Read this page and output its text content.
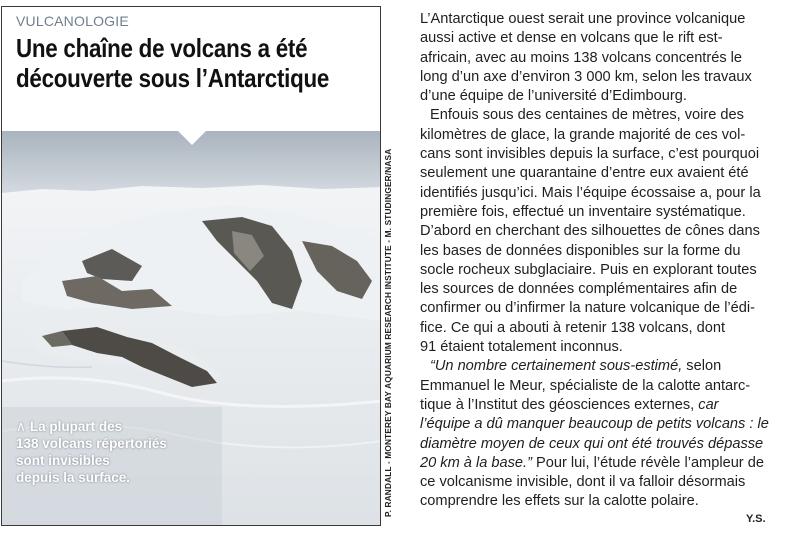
VULCANOLOGIE
Une chaîne de volcans a été
découverte sous l’Antarctique
∧ La plupart des
138 volcans répertoriés
sont invisibles
depuis la surface.	P. RANDALL - MONTEREY BAY AQUARIUM RESEARCH INSTITUTE - M. STUDINGER/NASA

L’Antarctique ouest serait une province volcanique
aussi active et dense en volcans que le rift est-
africain, avec au moins 138 volcans concentrés le
long d’un axe d’environ 3 000 km, selon les travaux
d’une équipe de l’université d’Edimbourg.

Enfouis sous des centaines de mètres, voire des
kilomètres de glace, la grande majorité de ces vol-
cans sont invisibles depuis la surface, c’est pourquoi
seulement une quarantaine d’entre eux avaient été
identifiés jusqu’ici. Mais l’équipe écossaise a, pour la
première fois, effectué un inventaire systématique.
D’abord en cherchant des silhouettes de cônes dans
les bases de données disponibles sur la forme du
socle rocheux subglaciaire. Puis en explorant toutes
les sources de données complémentaires afin de
confirmer ou d’infirmer la nature volcanique de l’édi-
fice. Ce qui a abouti à retenir 138 volcans, dont
91 étaient totalement inconnus.

“Un nombre certainement sous-estimé, selon
Emmanuel le Meur, spécialiste de la calotte antarc-
tique à l’Institut des géosciences externes, car
l’équipe a dû manquer beaucoup de petits volcans : le
diamètre moyen de ceux qui ont été trouvés dépasse
20 km à la base.” Pour lui, l’étude révèle l’ampleur de
ce volcanisme invisible, dont il va falloir désormais
comprendre les effets sur la calotte polaire.

Y.S.
